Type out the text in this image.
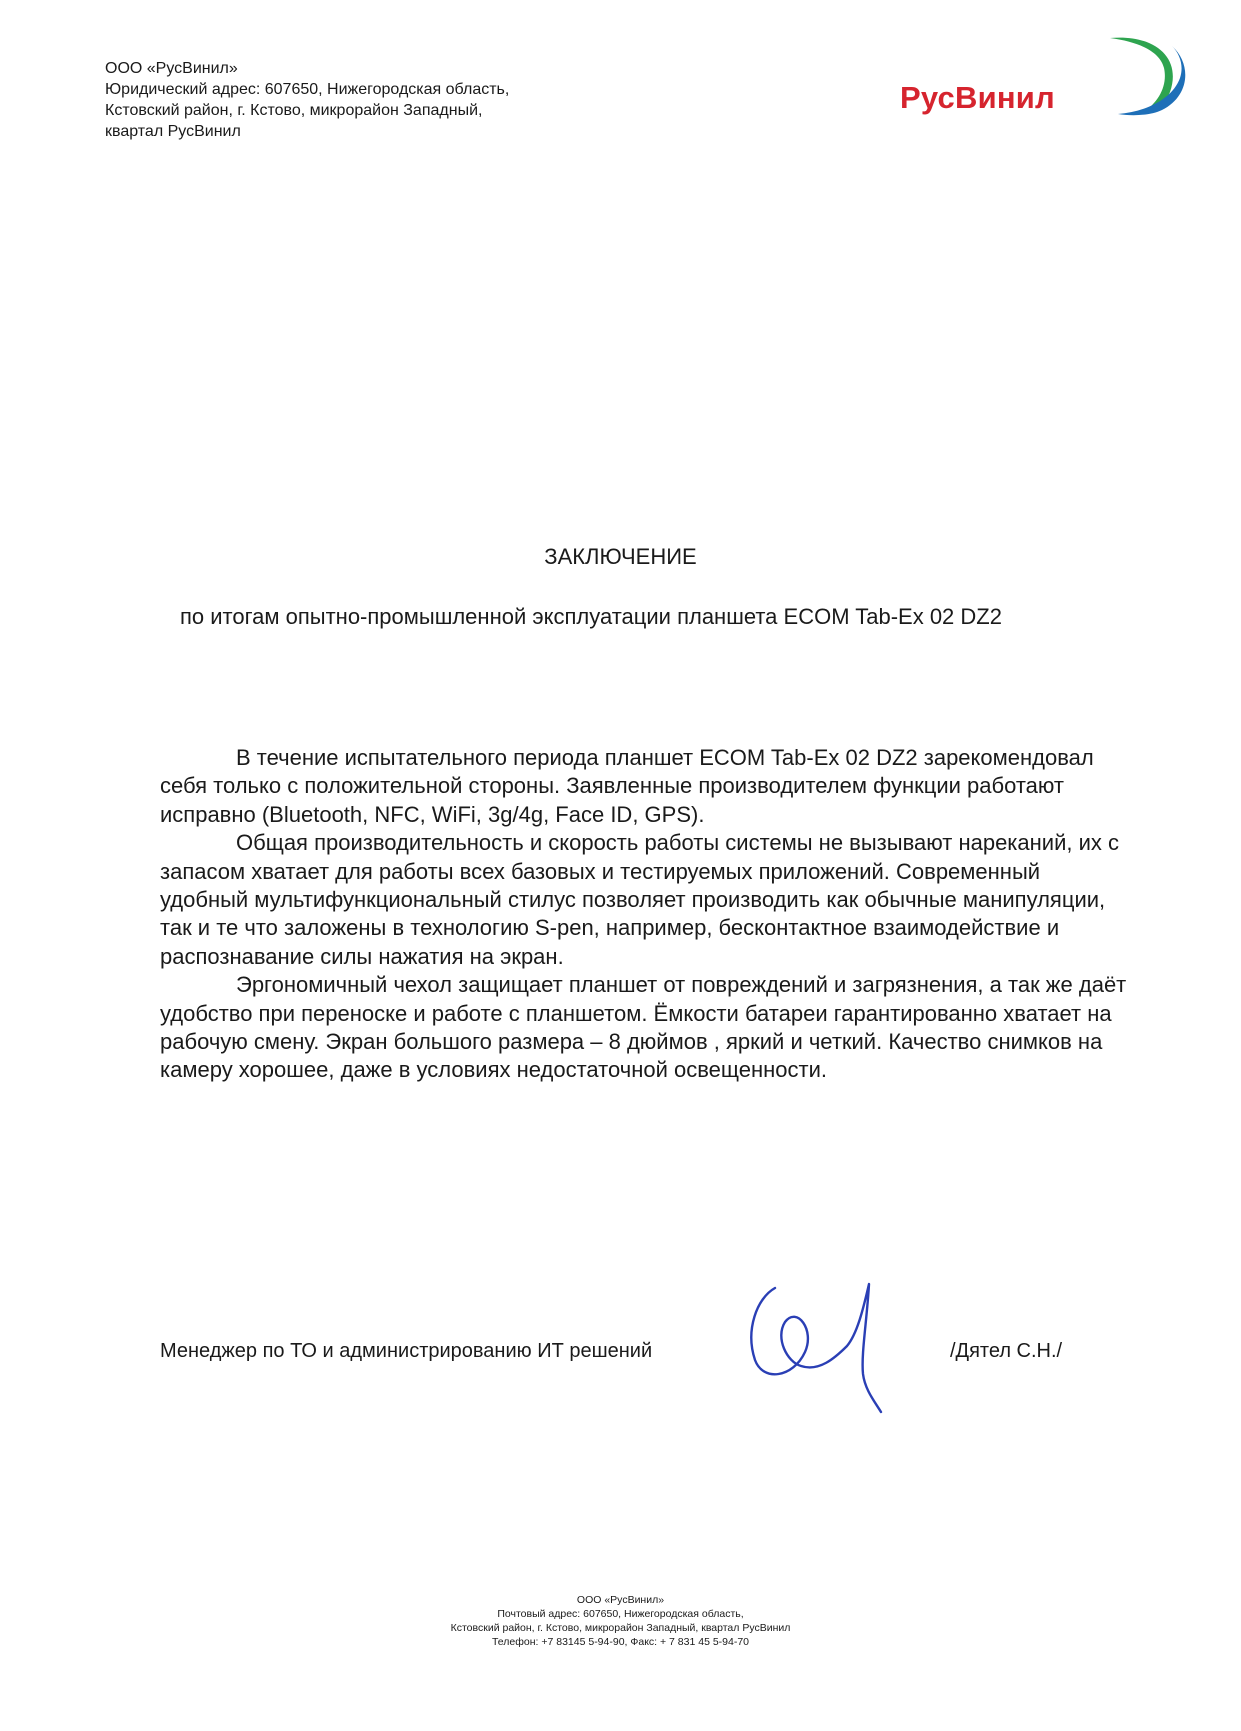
ООО «РусВинил»
Юридический адрес: 607650, Нижегородская область,
Кстовский район, г. Кстово, микрорайон Западный,
квартал РусВинил
РусВинил
ЗАКЛЮЧЕНИЕ
по итогам опытно-промышленной эксплуатации планшета ECOM Tab-Ex 02 DZ2

В течение испытательного периода планшет ECOM Tab-Ex 02 DZ2 зарекомендовал себя только с положительной стороны. Заявленные производителем функции работают исправно (Bluetooth, NFC, WiFi, 3g/4g, Face ID, GPS).

Общая производительность и скорость работы системы не вызывают нареканий, их с запасом хватает для работы всех базовых и тестируемых приложений. Современный удобный мультифункциональный стилус позволяет производить как обычные манипуляции, так и те что заложены в технологию S-pen, например, бесконтактное взаимодействие и распознавание силы нажатия на экран.

Эргономичный чехол защищает планшет от повреждений и загрязнения, а так же даёт удобство при переноске и работе с планшетом. Ёмкости батареи гарантированно хватает на рабочую смену. Экран большого размера – 8 дюймов , яркий и четкий. Качество снимков на камеру хорошее, даже в условиях недостаточной освещенности.

Менеджер по ТО и администрированию ИТ решений	/Дятел С.Н./
ООО «РусВинил»
Почтовый адрес: 607650, Нижегородская область,
Кстовский район, г. Кстово, микрорайон Западный, квартал РусВинил
Телефон: +7 83145 5-94-90, Факс: + 7 831 45 5-94-70
